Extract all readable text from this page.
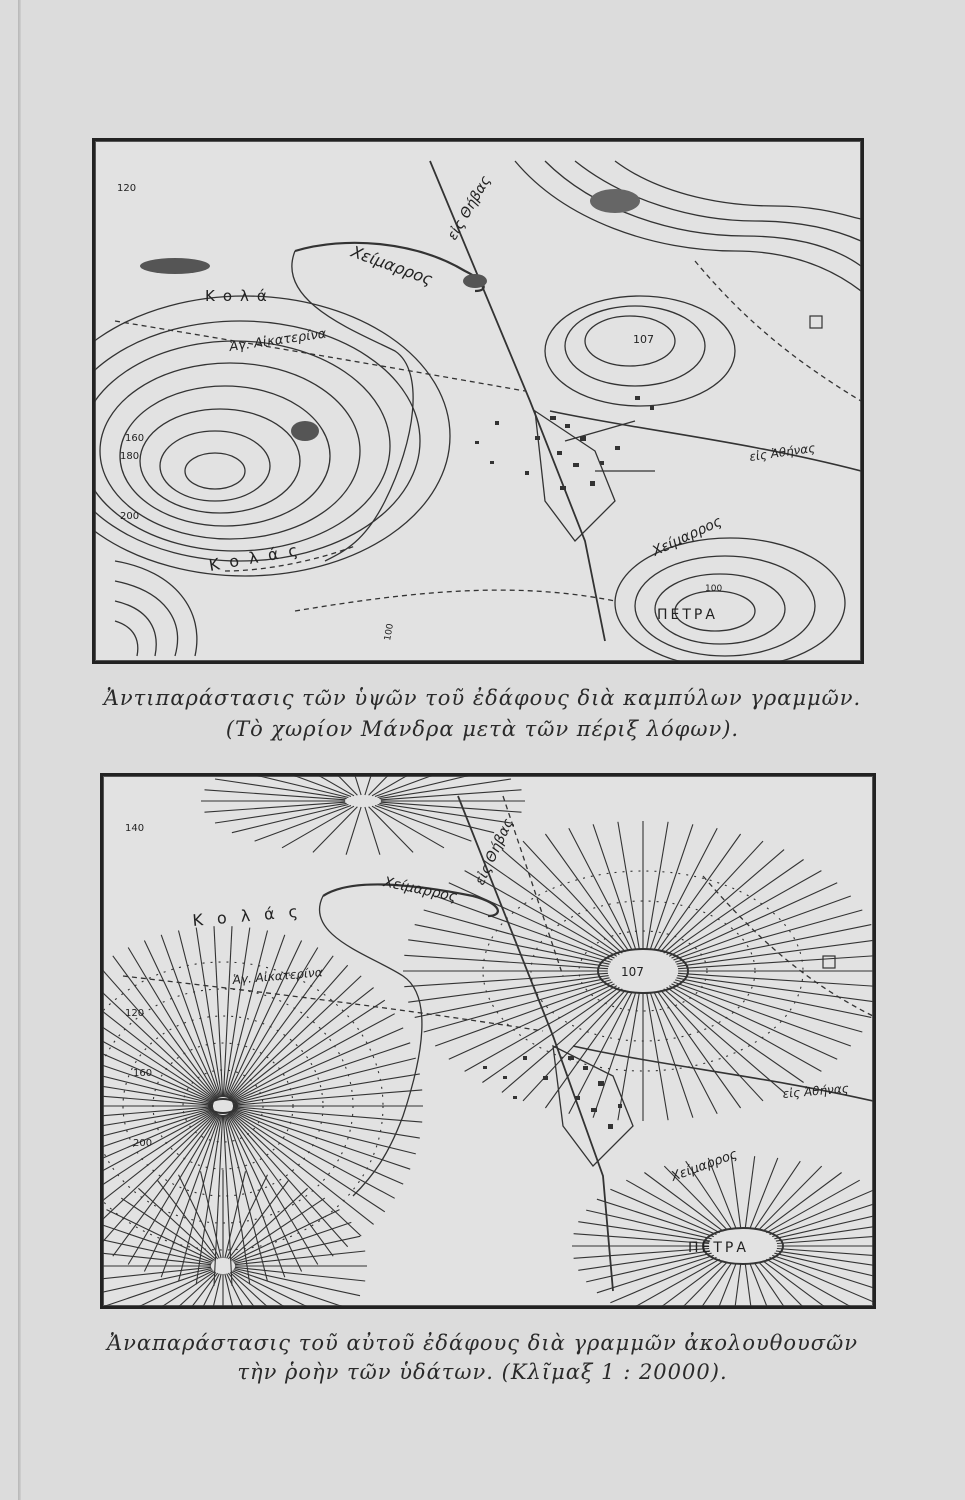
εἰς Θήβας
Χείμαρρος
Ἁγ. Αἰκατερίνα
Κολά
Κολάς
εἰς Ἀθήνας
Χείμαρρος
ΠΕΤΡΑ
107
120
160
180
200
100
100
Ἀντιπαράστασις τῶν ὑψῶν τοῦ ἐδάφους διὰ καμπύλων γραμμῶν.
(Τὸ χωρίον Μάνδρα μετὰ τῶν πέριξ λόφων).
εἰς Θήβας
Χείμαρρος
Κολάς
Ἁγ. Αἰκατερίνα	107
εἰς Ἀθήνας
Χείμαρρος
ΠΕΤΡΑ
120
160
200
140
Ἀναπαράστασις τοῦ αὐτοῦ ἐδάφους διὰ γραμμῶν ἀκολουθουσῶν
τὴν ῥοὴν τῶν ὑδάτων. (Κλῖμαξ 1 : 20000).
